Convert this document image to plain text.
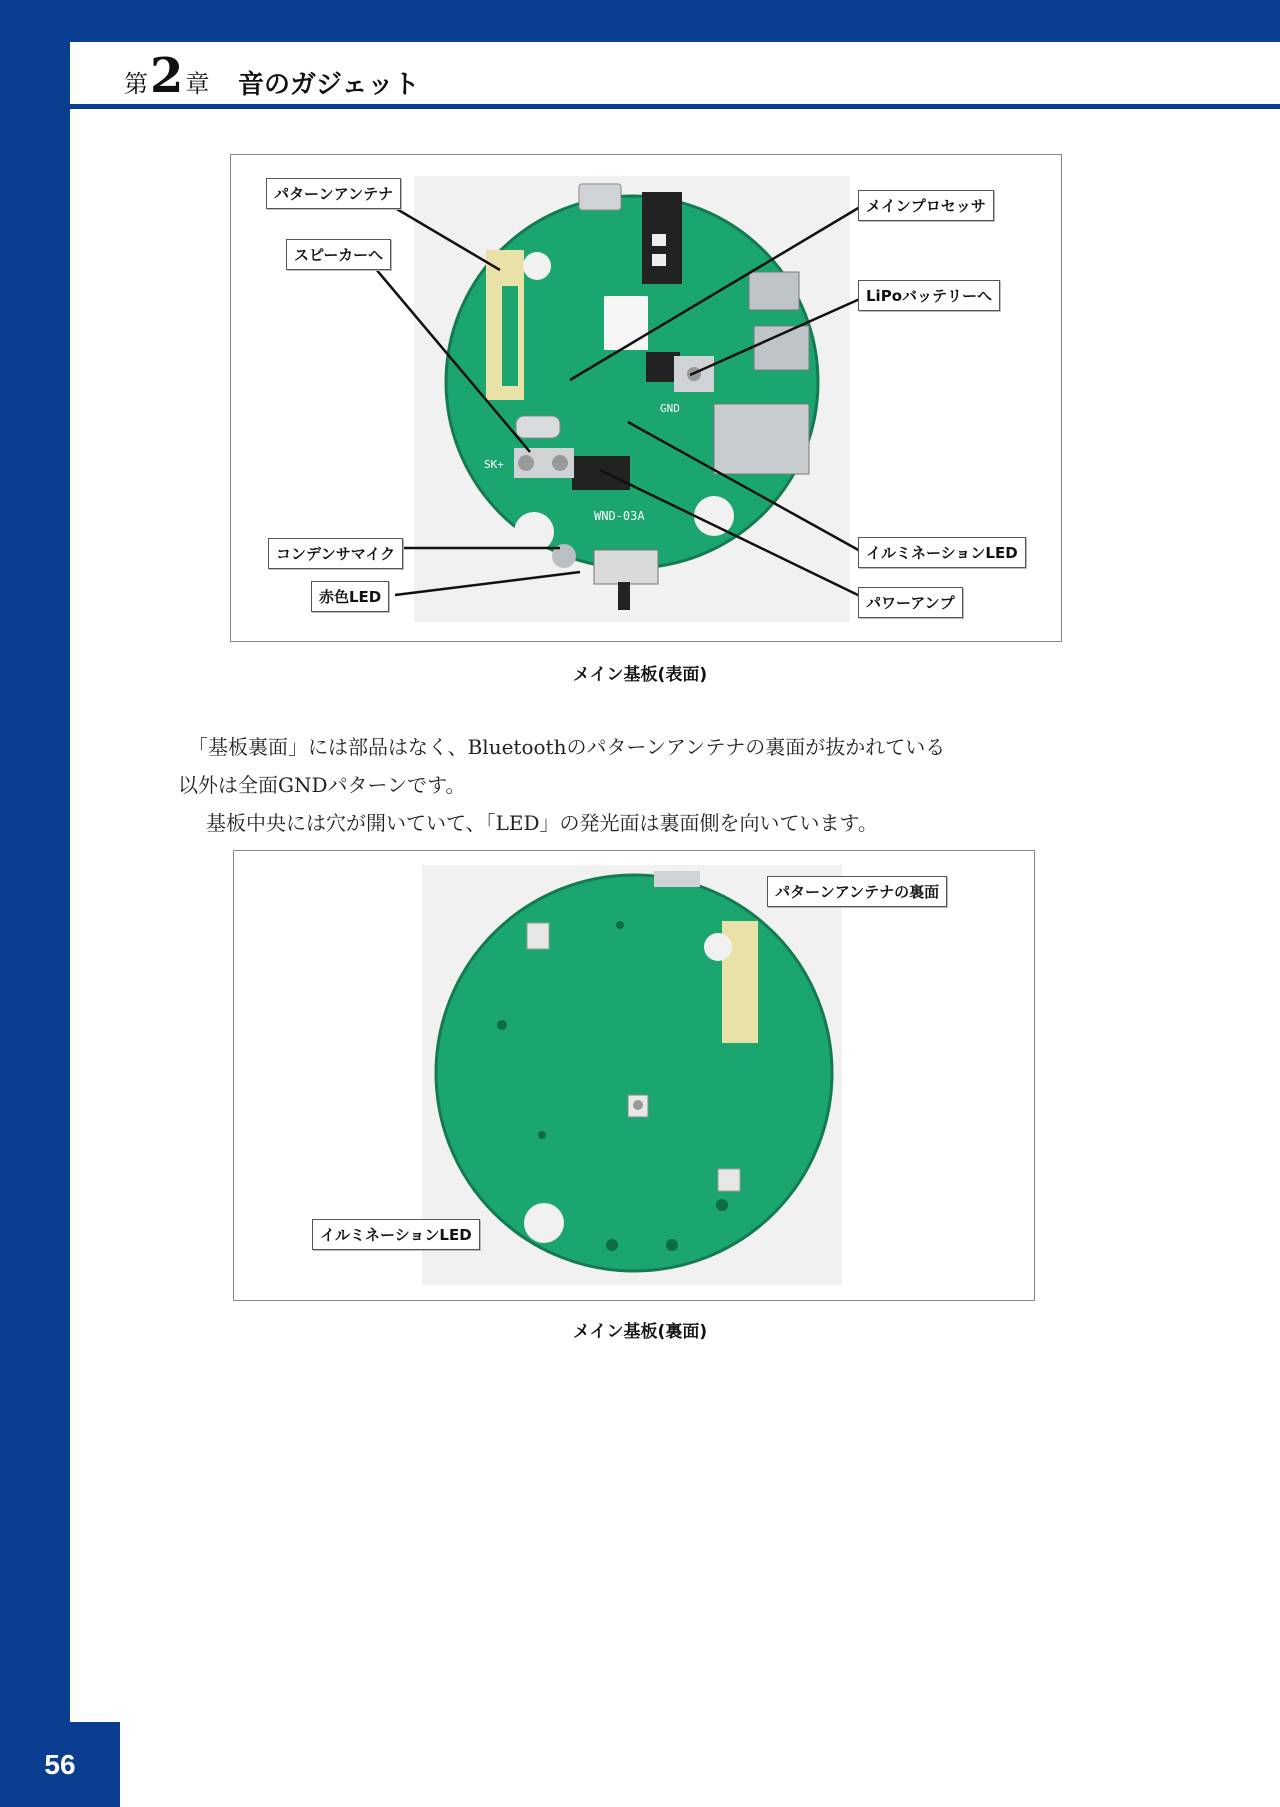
第 2 章 音のガジェット
GND
SK+
WND-03A
パターンアンテナ
スピーカーへ
コンデンサマイク
赤色LED
メインプロセッサ
LiPoバッテリーへ
イルミネーションLED
パワーアンプ
メイン基板(表面)
「基板裏面」には部品はなく、Bluetoothのパターンアンテナの裏面が抜かれている
以外は全面GNDパターンです。
基板中央には穴が開いていて、「LED」の発光面は裏面側を向いています。
パターンアンテナの裏面
イルミネーションLED
メイン基板(裏面)
56
